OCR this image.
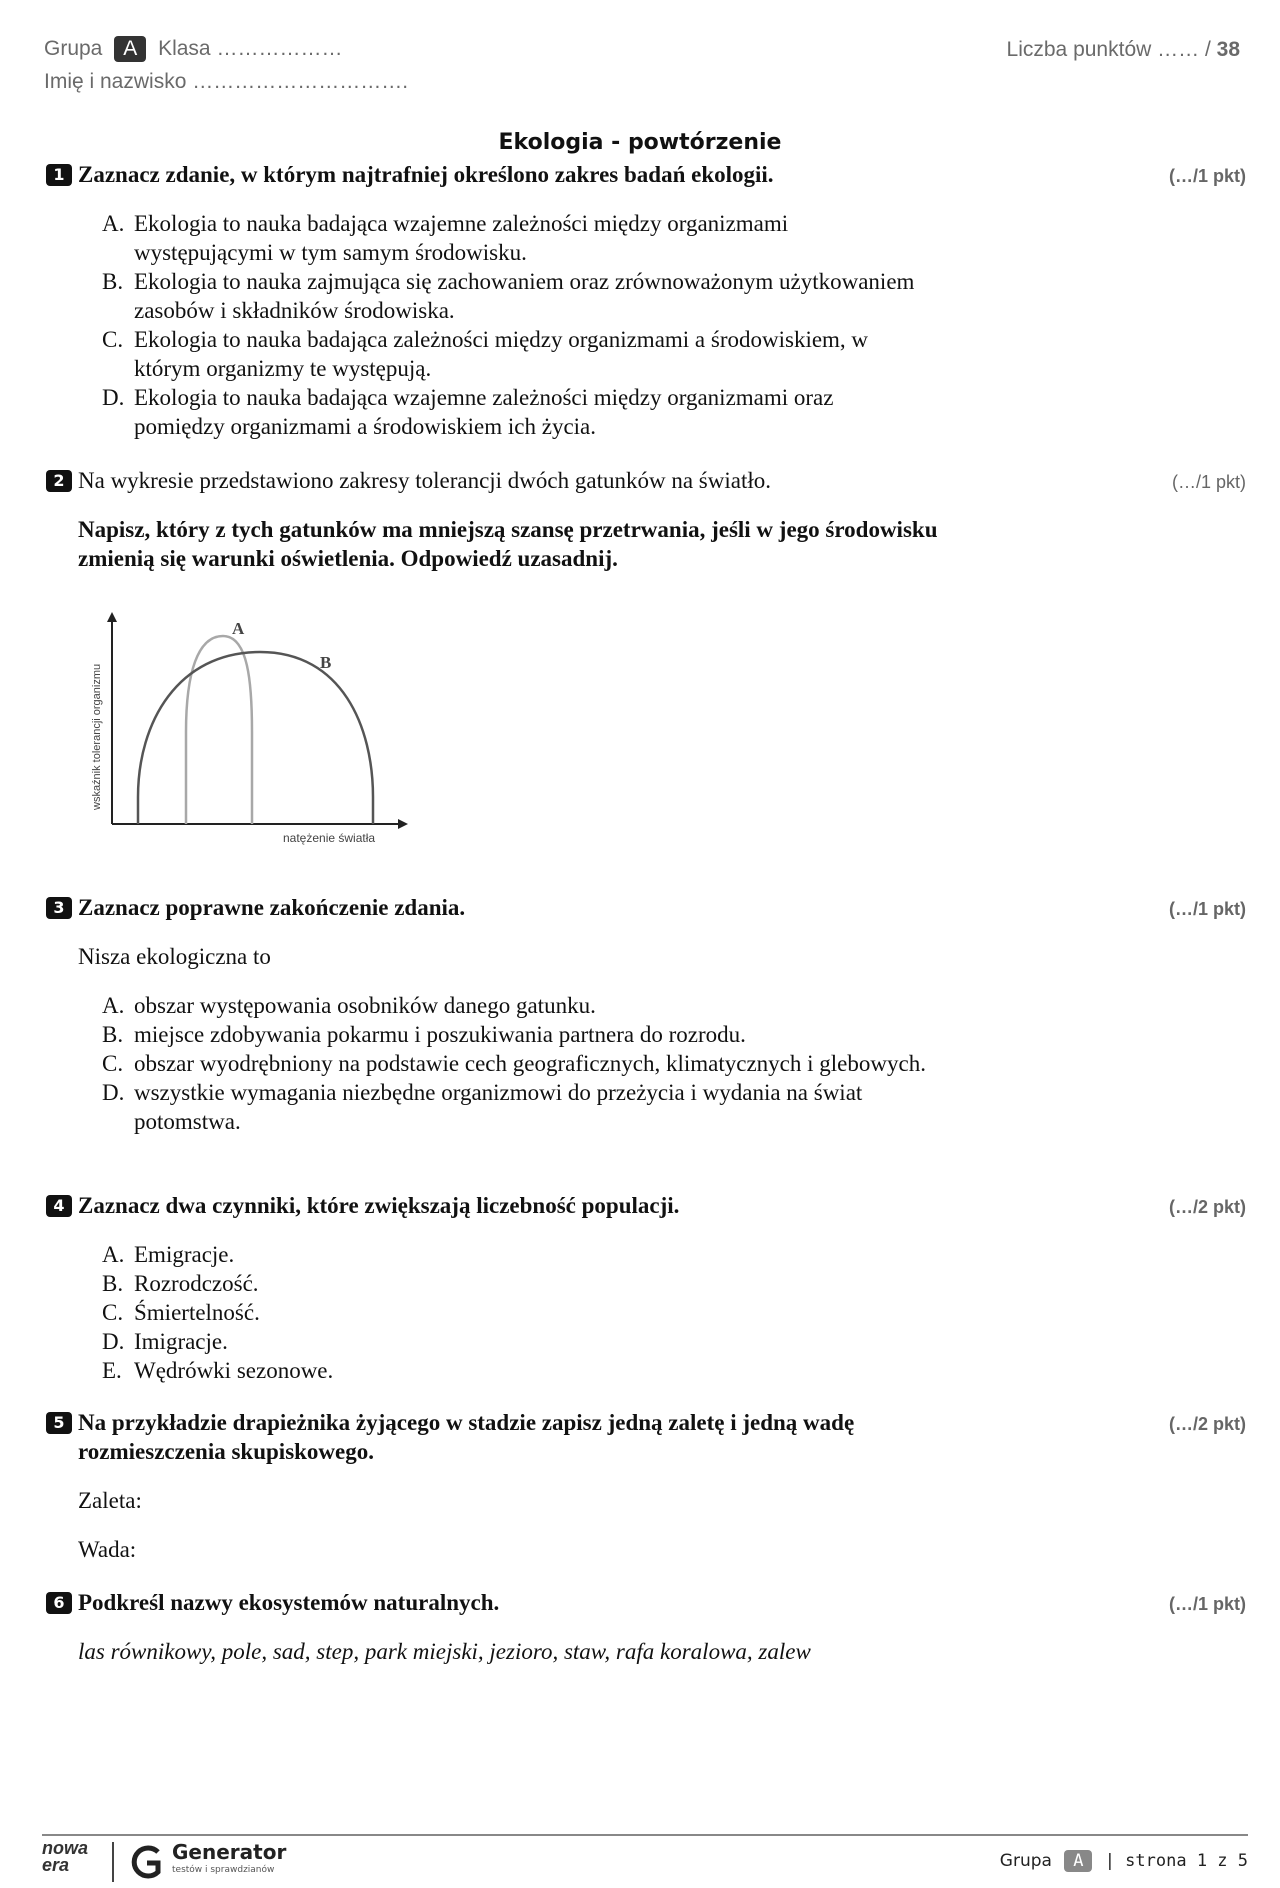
Grupa A Klasa ………………
Imię i nazwisko ………………………….
Liczba punktów …… / 38
Ekologia - powtórzenie
1 Zaznacz zdanie, w którym najtrafniej określono zakres badań ekologii.	(…/1 pkt)
A. Ekologia to nauka badająca wzajemne zależności między organizmami występującymi w tym samym środowisku.
B. Ekologia to nauka zajmująca się zachowaniem oraz zrównoważonym użytkowaniem zasobów i składników środowiska.
C. Ekologia to nauka badająca zależności między organizmami a środowiskiem, w którym organizmy te występują.
D. Ekologia to nauka badająca wzajemne zależności między organizmami oraz pomiędzy organizmami a środowiskiem ich życia.
2 Na wykresie przedstawiono zakresy tolerancji dwóch gatunków na światło.	(…/1 pkt)
Napisz, który z tych gatunków ma mniejszą szansę przetrwania, jeśli w jego środowisku zmienią się warunki oświetlenia. Odpowiedź uzasadnij.
A
B
wskaźnik tolerancji organizmu
natężenie światła
3 Zaznacz poprawne zakończenie zdania.	(…/1 pkt)
Nisza ekologiczna to
A. obszar występowania osobników danego gatunku.
B. miejsce zdobywania pokarmu i poszukiwania partnera do rozrodu.
C. obszar wyodrębniony na podstawie cech geograficznych, klimatycznych i glebowych.
D. wszystkie wymagania niezbędne organizmowi do przeżycia i wydania na świat potomstwa.
4 Zaznacz dwa czynniki, które zwiększają liczebność populacji.	(…/2 pkt)
A. Emigracje.
B. Rozrodczość.
C. Śmiertelność.
D. Imigracje.
E. Wędrówki sezonowe.
5 Na przykładzie drapieżnika żyjącego w stadzie zapisz jedną zaletę i jedną wadę rozmieszczenia skupiskowego.
(…/2 pkt)
Zaleta:
Wada:
6 Podkreśl nazwy ekosystemów naturalnych.	(…/1 pkt)
las równikowy, pole, sad, step, park miejski, jezioro, staw, rafa koralowa, zalew
nowa era
Generator
testów i sprawdzianów	Grupa A | strona 1 z 5
